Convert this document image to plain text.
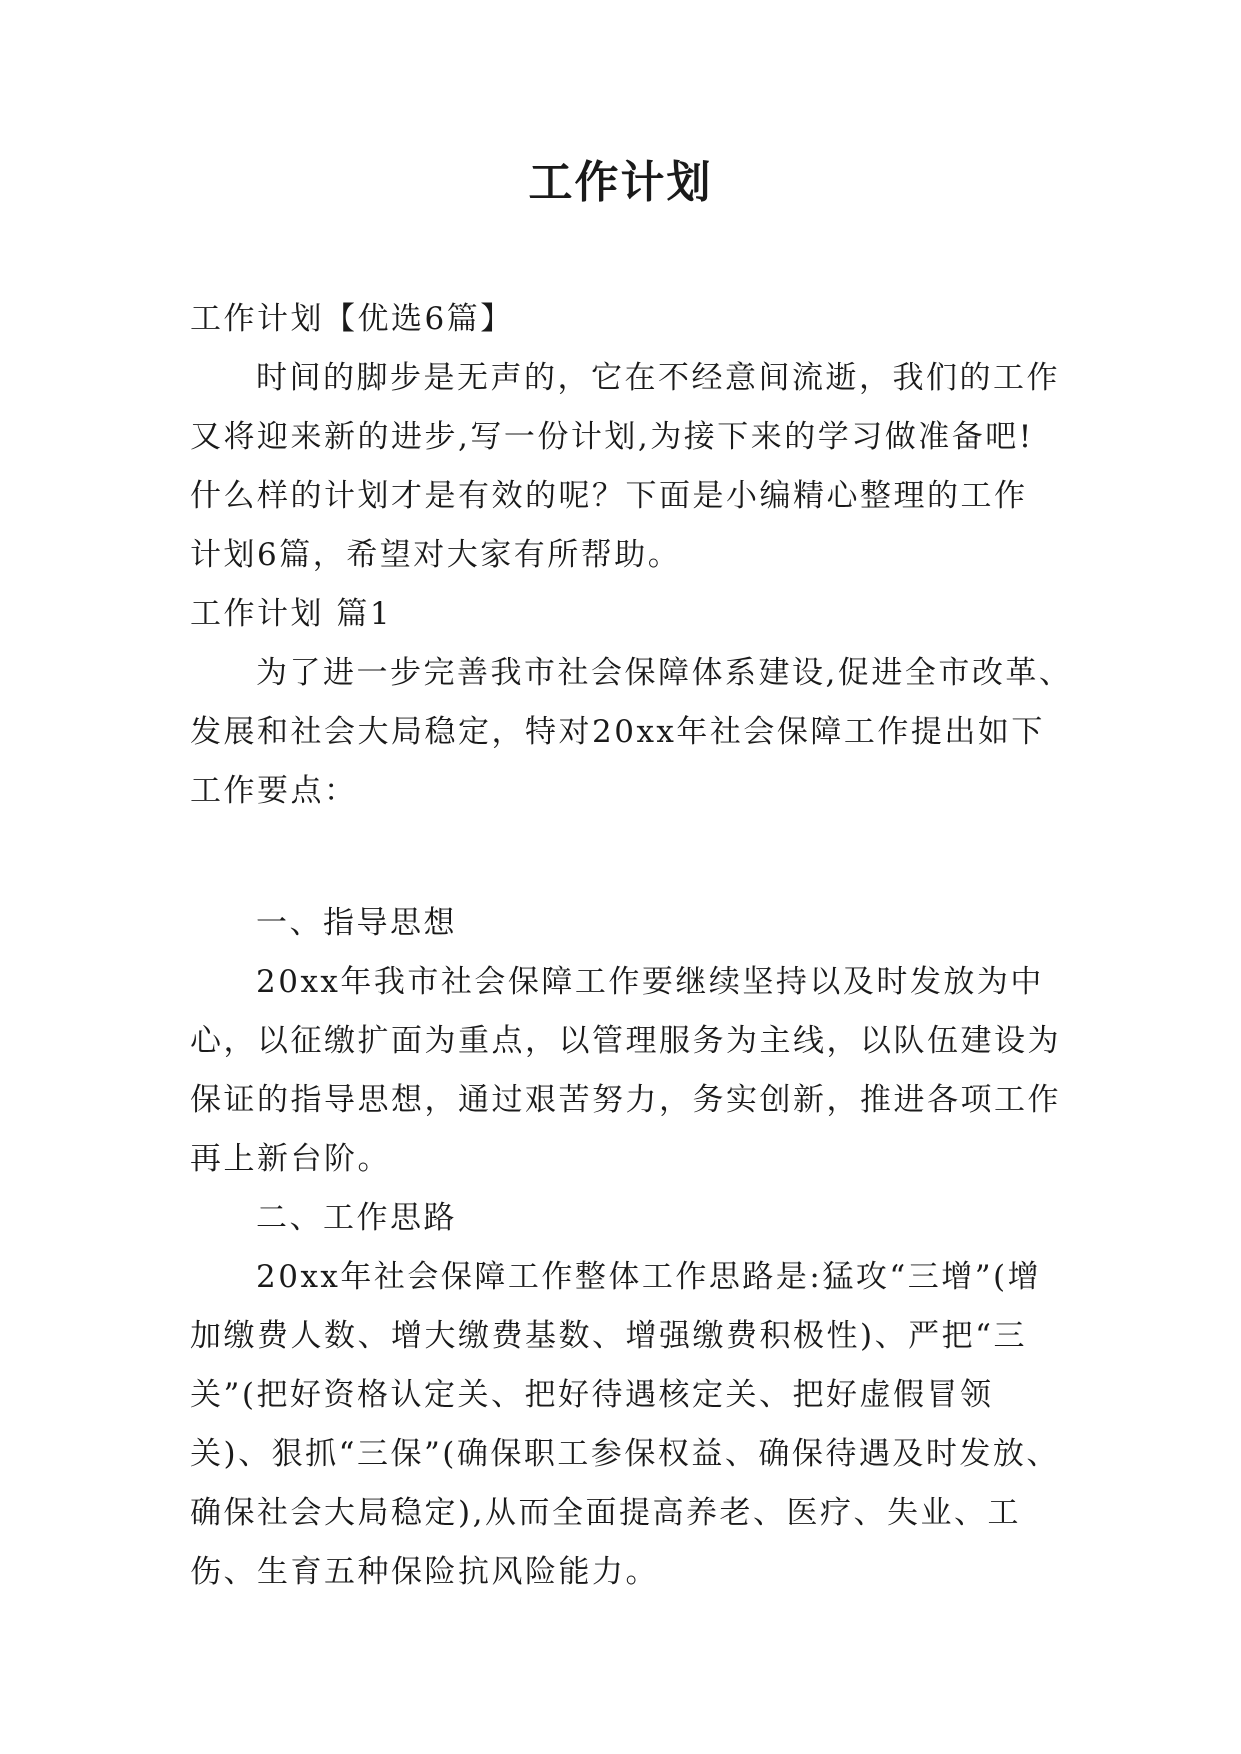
工作计划

工作计划【优选6篇】

时间的脚步是无声的，它在不经意间流逝，我们的工作

又将迎来新的进步,写一份计划,为接下来的学习做准备吧!

什么样的计划才是有效的呢？下面是小编精心整理的工作

计划6篇，希望对大家有所帮助。

工作计划 篇1

为了进一步完善我市社会保障体系建设,促进全市改革、

发展和社会大局稳定，特对20xx年社会保障工作提出如下

工作要点：

一、指导思想

20xx年我市社会保障工作要继续坚持以及时发放为中

心，以征缴扩面为重点，以管理服务为主线，以队伍建设为

保证的指导思想，通过艰苦努力，务实创新，推进各项工作

再上新台阶。

二、工作思路

20xx年社会保障工作整体工作思路是:猛攻“三增”(增

加缴费人数、增大缴费基数、增强缴费积极性)、严把“三

关”(把好资格认定关、把好待遇核定关、把好虚假冒领

关)、狠抓“三保”(确保职工参保权益、确保待遇及时发放、

确保社会大局稳定),从而全面提高养老、医疗、失业、工

伤、生育五种保险抗风险能力。
